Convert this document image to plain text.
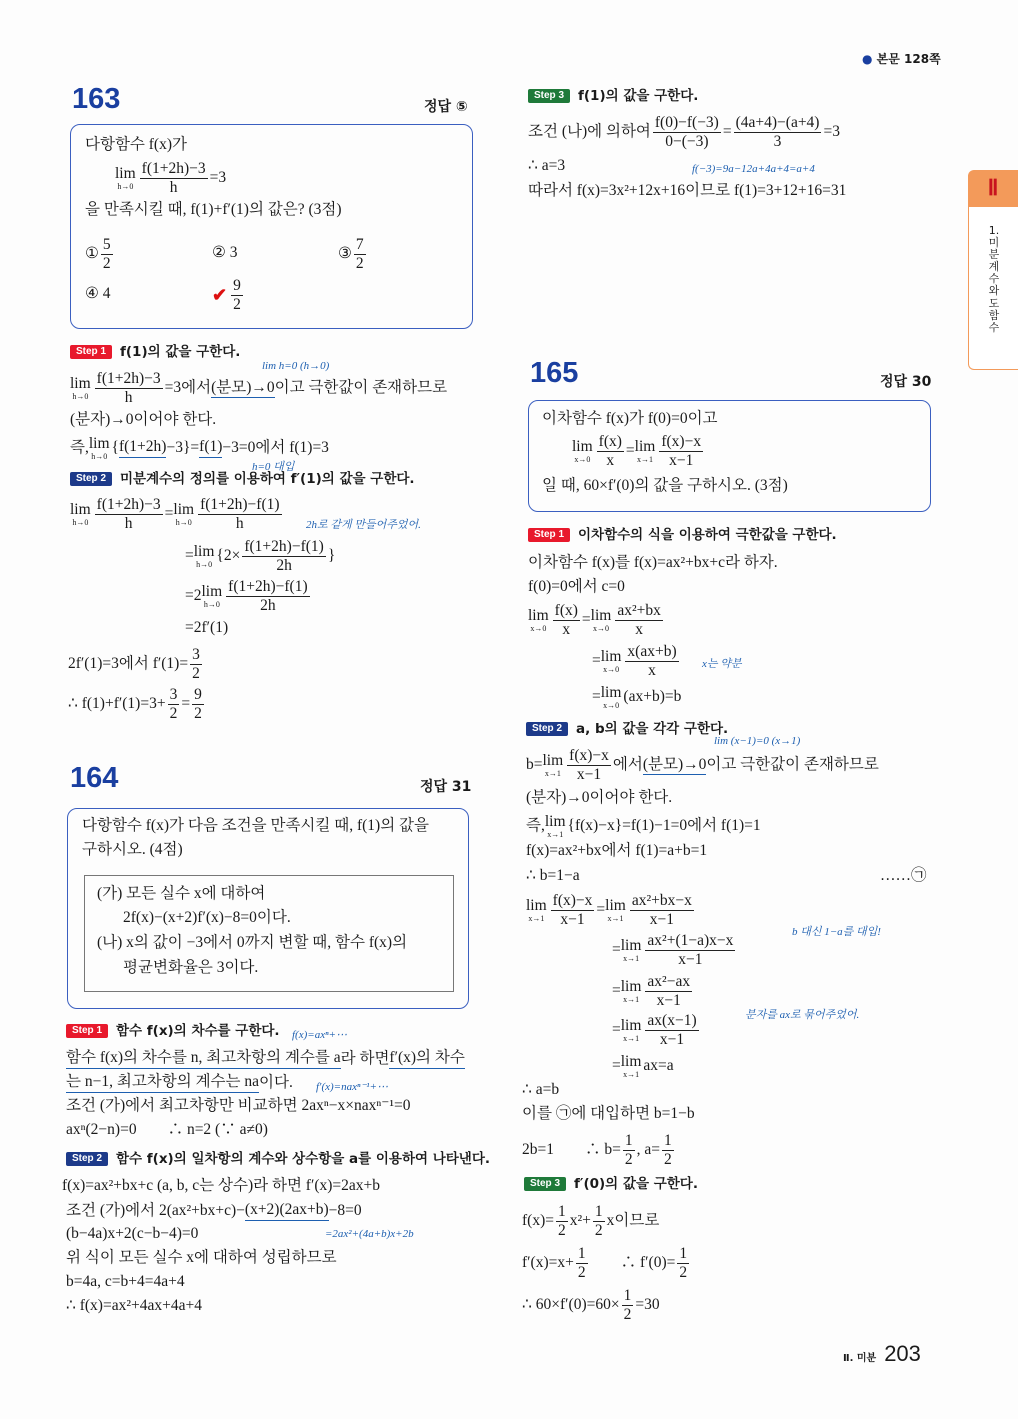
● 본문 128쪽
Ⅱ
1.미분계수와도함수
163	정답 ⑤
다항함수 f(x)가
lim
$h\to 0 \frac{f(1+2h)-3}{h} =3$
을 만족시킬 때, f(1)+f′(1)의 값은? (3점)
① $\frac{5}{2}$	② 3	③ $\frac{7}{2}$
④ 4	✔ $\frac{9}{2}$
Step 1	f(1)의 값을 구한다.
lim h=0 (h→0)
lim
$h\to 0 \frac{f(1+2h)-3}{h} =3$에서 (분모)→0 이고 극한값이 존재하므로
(분자)→0이어야 한다.
즉, lim
h→0
{ f(1+2h) −3}= f(1) −3=0에서 f(1)=3
h=0 대입
Step 2	미분계수의 정의를 이용하여 f′(1)의 값을 구한다.
lim
$h\to 0 \frac{f(1+2h)-3}{h} = \lim$
$h\to 0 \frac{f(1+2h)-f(1)}{h} 2h$로 같게 만들어주었어.
= lim
h→0
{$2\times \frac{f(1+2h)-f(1)}{2h}$ }
=2 lim
$h\to 0 \frac{f(1+2h)-f(1)}{2h}$
=2f′(1)
2f′(1)=3에서 $f'(1)= \frac{3}{2}$
∴ $f(1)+f'(1)=3+ \frac{3}{2} = \frac{9}{2}$
164	정답 31
다항함수 f(x)가 다음 조건을 만족시킬 때, f(1)의 값을
구하시오. (4점)
(가) 모든 실수 x에 대하여
2f(x)−(x+2)f′(x)−8=0이다.
(나) x의 값이 −3에서 0까지 변할 때, 함수 f(x)의
평균변화율은 3이다.
Step 1	함수 f(x)의 차수를 구한다. f(x)=axⁿ+⋯
함수 f(x)의 차수를 n, 최고차항의 계수를 a 라 하면 f′(x)의 차수
는 n−1, 최고차항의 계수는 na 이다. f′(x)=naxⁿ⁻¹+⋯
조건 (가)에서 최고차항만 비교하면 2axⁿ−x×naxⁿ⁻¹=0
axⁿ(2−n)=0　　∴ n=2 (∵ a≠0)
Step 2	함수 f(x)의 일차항의 계수와 상수항을 a를 이용하여 나타낸다.
f(x)=ax²+bx+c (a, b, c는 상수)라 하면 f′(x)=2ax+b
조건 (가)에서 2(ax²+bx+c)− (x+2)(2ax+b) −8=0
(b−4a)x+2(c−b−4)=0	=2ax²+(4a+b)x+2b
위 식이 모든 실수 x에 대하여 성립하므로
b=4a, c=b+4=4a+4
∴ f(x)=ax²+4ax+4a+4
Step 3	f(1)의 값을 구한다.
조건 (나)에 의하여 $\frac{f(0)-f(-3)}{0-(-3)} = \frac{(4a+4)-(a+4)}{3} =3$
∴ a=3	f(−3)=9a−12a+4a+4=a+4
따라서 f(x)=3x²+12x+16이므로 f(1)=3+12+16=31
165	정답 30
이차함수 f(x)가 f(0)=0이고
lim
$x\to 0 \frac{f(x)}{x} = \lim$
$x\to 1 \frac{f(x)-x}{x-1}$
일 때, 60×f′(0)의 값을 구하시오. (3점)
Step 1	이차함수의 식을 이용하여 극한값을 구한다.
이차함수 f(x)를 f(x)=ax²+bx+c라 하자.
f(0)=0에서 c=0
lim
$x\to 0 \frac{f(x)}{x} = \lim$
$x\to 0 \frac{\text{ax²+bx}}{x}$
= lim
$x\to 0 \frac{x(ax+b)}{x}$ x는 약분
= lim
x→0
(ax+b)=b
Step 2	a, b의 값을 각각 구한다.
lim (x−1)=0 (x→1)
b= lim
$x\to 1 \frac{f(x)-x}{x-1}$ 에서 (분모)→0 이고 극한값이 존재하므로
(분자)→0이어야 한다.
즉, lim
x→1
{f(x)−x}=f(1)−1=0에서 f(1)=1
f(x)=ax²+bx에서 f(1)=a+b=1
∴ b=1−a	……㉠
lim
$x\to 1 \frac{f(x)-x}{x-1} = \lim$
$x\to 1 \frac{\text{ax²+bx−x}}{x-1}$
b 대신 1−a를 대입!
= lim
$x\to 1 \frac{\text{ax²+(1−a)x−x}}{x-1}$
= lim
$x\to 1 \frac{\text{ax²−ax}}{x-1}$
분자를 ax로 묶어주었어.
= lim
$x\to 1 \frac{ax(x-1)}{x-1}$
= lim
x→1
ax=a
∴ a=b
이를 ㉠에 대입하면 b=1−b
2b=1　　∴ $b= \frac{1}{2}$ , $a= \frac{1}{2}$
Step 3	f′(0)의 값을 구한다.
$f(x)= \frac{1}{2} x^2+ \frac{1}{2}$ x이므로
$f'(x)=x+ \frac{1}{2}$ 　　∴ $f'(0)= \frac{1}{2}$
∴ $60\times f'(0)=60\times \frac{1}{2} =30$
Ⅱ. 미분 203
